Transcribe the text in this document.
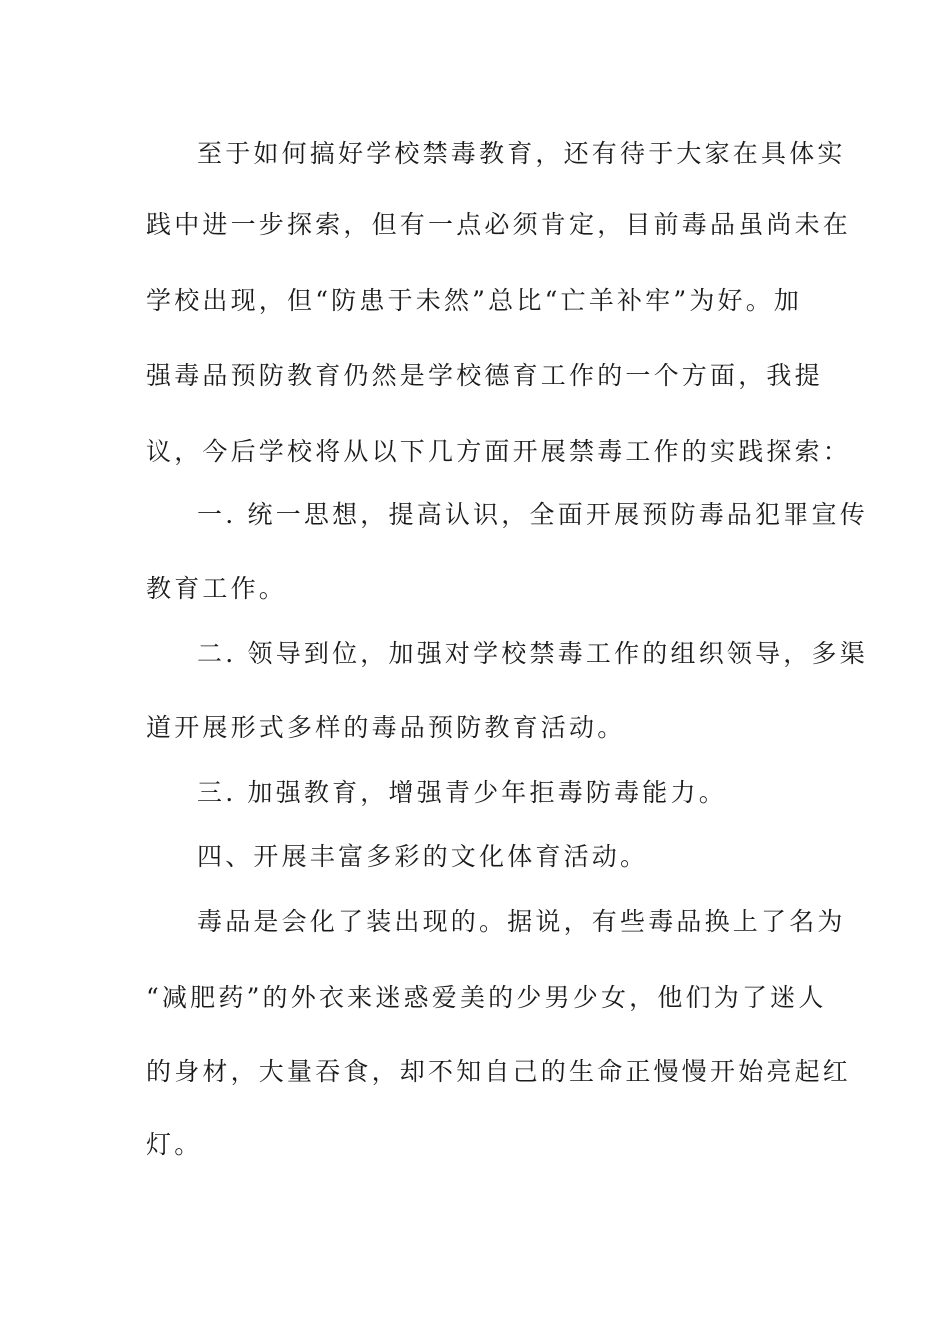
至于如何搞好学校禁毒教育，还有待于大家在具体实
践中进一步探索，但有一点必须肯定，目前毒品虽尚未在
学校出现，但“防患于未然”总比“亡羊补牢”为好。加
强毒品预防教育仍然是学校德育工作的一个方面，我提
议，今后学校将从以下几方面开展禁毒工作的实践探索：
一. 统一思想，提高认识，全面开展预防毒品犯罪宣传
教育工作。
二. 领导到位，加强对学校禁毒工作的组织领导，多渠
道开展形式多样的毒品预防教育活动。
三. 加强教育，增强青少年拒毒防毒能力。
四、开展丰富多彩的文化体育活动。
毒品是会化了装出现的。据说，有些毒品换上了名为
“减肥药”的外衣来迷惑爱美的少男少女，他们为了迷人
的身材，大量吞食，却不知自己的生命正慢慢开始亮起红
灯。
